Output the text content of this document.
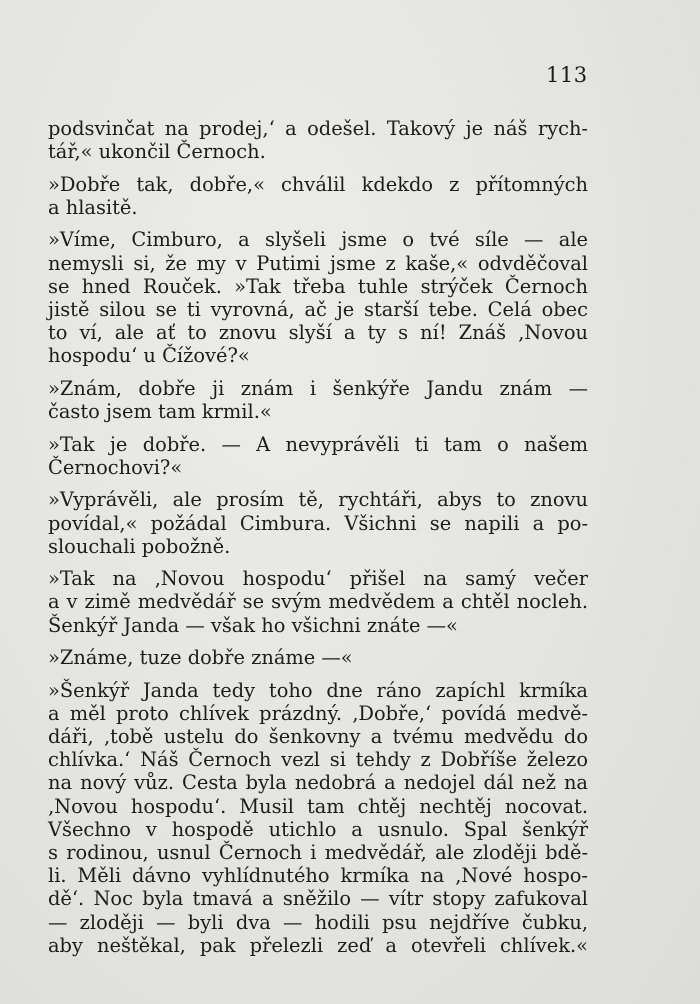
113

podsvinčat na prodej,‘ a odešel. Takový je náš rych-
tář,« ukončil Černoch.

»Dobře tak, dobře,« chválil kdekdo z přítomných
a hlasitě.

»Víme, Cimburo, a slyšeli jsme o tvé síle — ale
nemysli si, že my v Putimi jsme z kaše,« odvděčoval
se hned Rouček. »Tak třeba tuhle strýček Černoch
jistě silou se ti vyrovná, ač je starší tebe. Celá obec
to ví, ale ať to znovu slyší a ty s ní! Znáš ‚Novou
hospodu‘ u Čížové?«

»Znám, dobře ji znám i šenkýře Jandu znám —
často jsem tam krmil.«

»Tak je dobře. — A nevyprávěli ti tam o našem
Černochovi?«

»Vyprávěli, ale prosím tě, rychtáři, abys to znovu
povídal,« požádal Cimbura. Všichni se napili a po-
slouchali pobožně.

»Tak na ‚Novou hospodu‘ přišel na samý večer
a v zimě medvědář se svým medvědem a chtěl nocleh.
Šenkýř Janda — však ho všichni znáte —«

»Známe, tuze dobře známe —«

»Šenkýř Janda tedy toho dne ráno zapíchl krmíka
a měl proto chlívek prázdný. ‚Dobře,‘ povídá medvě-
dáři, ‚tobě ustelu do šenkovny a tvému medvědu do
chlívka.‘ Náš Černoch vezl si tehdy z Dobříše železo
na nový vůz. Cesta byla nedobrá a nedojel dál než na
‚Novou hospodu‘. Musil tam chtěj nechtěj nocovat.
Všechno v hospodě utichlo a usnulo. Spal šenkýř
s rodinou, usnul Černoch i medvědář, ale zloději bdě-
li. Měli dávno vyhlídnutého krmíka na ‚Nové hospo-
dě‘. Noc byla tmavá a sněžilo — vítr stopy zafukoval
— zloději — byli dva — hodili psu nejdříve čubku,
aby neštěkal, pak přelezli zeď a otevřeli chlívek.«
